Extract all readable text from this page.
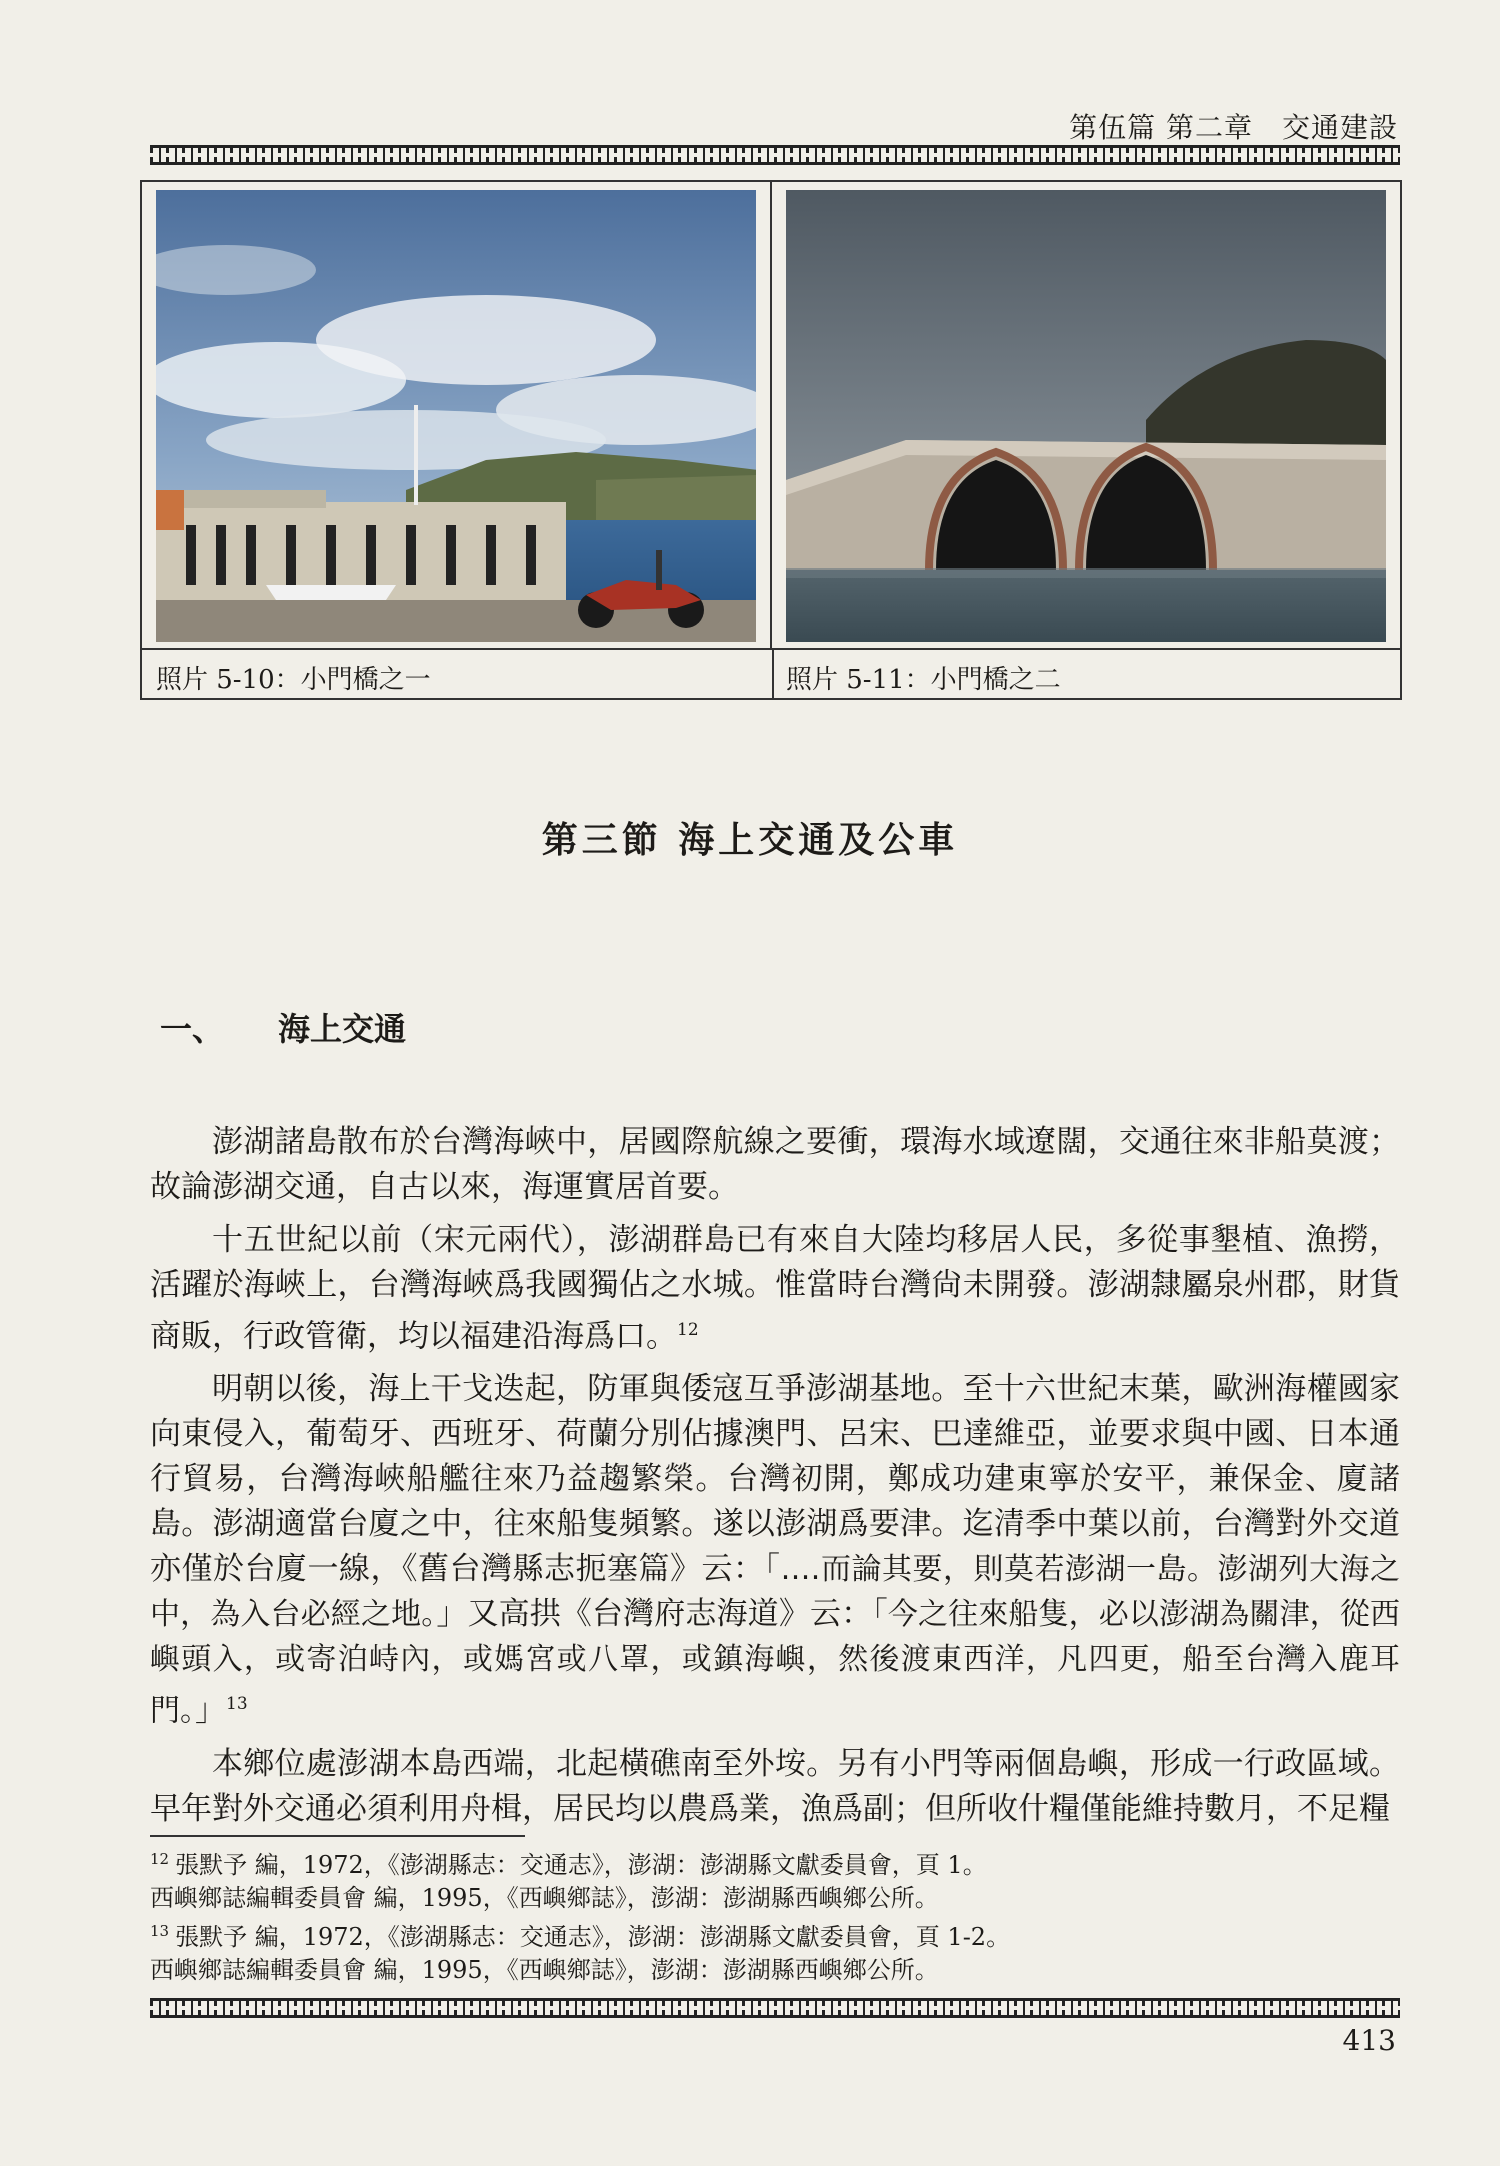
第伍篇 第二章　交通建設
照片 5-10：小門橋之一	照片 5-11：小門橋之二
第三節 海上交通及公車
一、 海上交通

澎湖諸島散布於台灣海峽中，居國際航線之要衝，環海水域遼闊，交通往來非船莫渡；故論澎湖交通，自古以來，海運實居首要。

十五世紀以前（宋元兩代），澎湖群島已有來自大陸均移居人民，多從事墾植、漁撈，活躍於海峽上，台灣海峽爲我國獨佔之水城。惟當時台灣尙未開發。澎湖隸屬泉州郡，財貨商販，行政管衛，均以福建沿海爲口。$^{12}$

明朝以後，海上干戈迭起，防軍與倭寇互爭澎湖基地。至十六世紀末葉，歐洲海權國家向東侵入，葡萄牙、西班牙、荷蘭分別佔據澳門、呂宋、巴達維亞，並要求與中國、日本通行貿易，台灣海峽船艦往來乃益趨繁榮。台灣初開，鄭成功建東寧於安平，兼保金、廈諸島。澎湖適當台廈之中，往來船隻頻繁。遂以澎湖爲要津。迄清季中葉以前，台灣對外交道亦僅於台廈一線，《舊台灣縣志扼塞篇》云：「‥‥而論其要，則莫若澎湖一島。澎湖列大海之中，為入台必經之地。」又高拱《台灣府志海道》云：「今之往來船隻，必以澎湖為關津，從西嶼頭入，或寄泊峙內，或媽宮或八罩，或鎮海嶼，然後渡東西洋，凡四更，船至台灣入鹿耳門。」$^{13}$

本鄉位處澎湖本島西端，北起橫礁南至外垵。另有小門等兩個島嶼，形成一行政區域。早年對外交通必須利用舟楫，居民均以農爲業，漁爲副；但所收什糧僅能維持數月，不足糧

$^{12}$ 張默予 編，1972，《澎湖縣志：交通志》，澎湖：澎湖縣文獻委員會，頁 1。
西嶼鄉誌編輯委員會 編，1995，《西嶼鄉誌》，澎湖：澎湖縣西嶼鄉公所。
$^{13}$ 張默予 編，1972，《澎湖縣志：交通志》，澎湖：澎湖縣文獻委員會，頁 1-2。
西嶼鄉誌編輯委員會 編，1995，《西嶼鄉誌》，澎湖：澎湖縣西嶼鄉公所。
413
